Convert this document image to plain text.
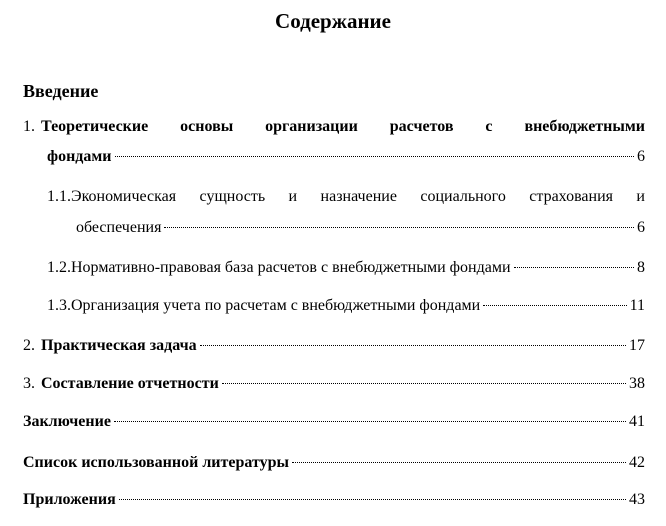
Содержание
Введение
1. Теоретические основы организации расчетов с внебюджетными
фондами	6
1.1. Экономическая сущность и назначение социального страхования и
обеспечения	6
1.2. Нормативно-правовая база расчетов с внебюджетными фондами	8
1.3. Организация учета по расчетам с внебюджетными фондами	11
2. Практическая задача	17
3. Составление отчетности	38
Заключение	41
Список использованной литературы	42
Приложения	43
